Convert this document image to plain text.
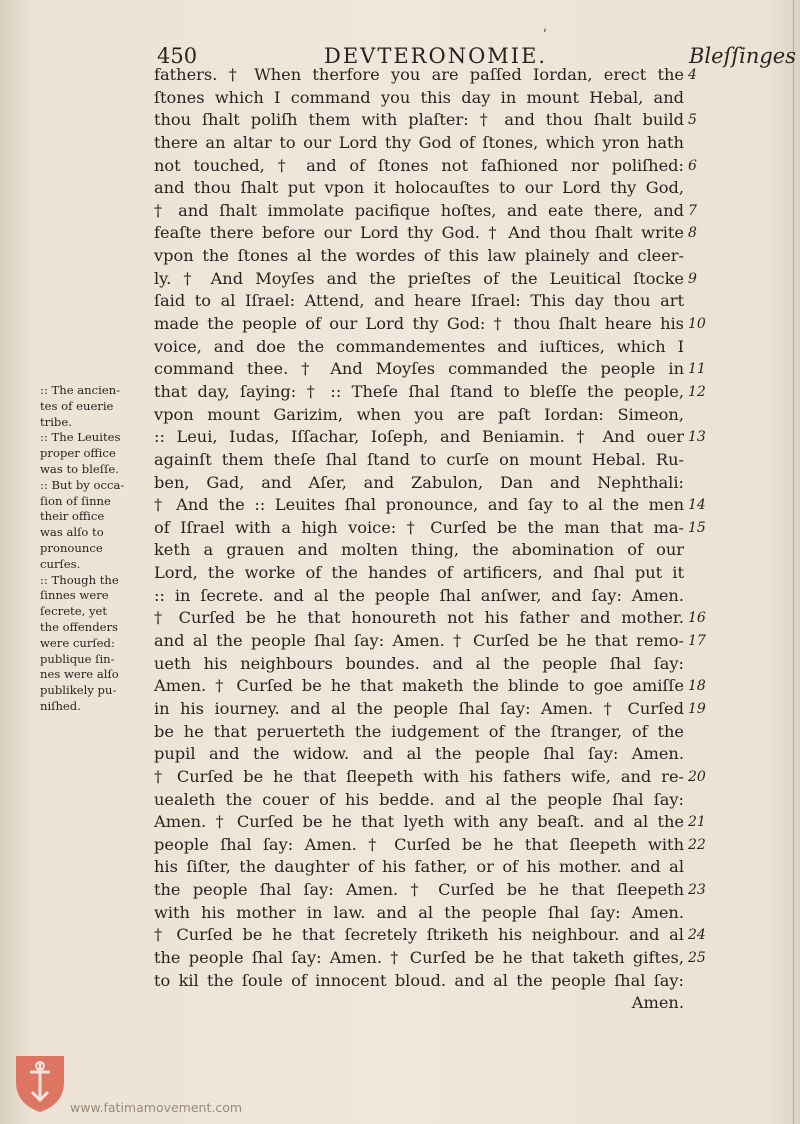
450	DEVTERONOMIE.	Bleſſinges
ʹ
:: The ancien-
tes of euerie
tribe.
:: The Leuites
proper office
was to bleſſe.
:: But by occa-
ſion of ſinne
their office
was alſo to
pronounce
curſes.
:: Though the
ſinnes were
ſecrete, yet
the offenders
were curſed:
publique ſin-
nes were alſo
publikely pu-
niſhed.
fathers. † When therfore you are paſſed Iordan, erect the
ſtones which I command you this day in mount Hebal, and
thou ſhalt poliſh them with plaſter: † and thou ſhalt build
there an altar to our Lord thy God of ſtones, which yron hath
not touched, † and of ſtones not faſhioned nor poliſhed:
and thou ſhalt put vpon it holocauſtes to our Lord thy God,
† and ſhalt immolate pacifique hoſtes, and eate there, and
feaſte there before our Lord thy God. † And thou ſhalt write
vpon the ſtones al the wordes of this law plainely and cleer-
ly. † And Moyſes and the prieſtes of the Leuitical ſtocke
ſaid to al Iſrael: Attend, and heare Iſrael: This day thou art
made the people of our Lord thy God: † thou ſhalt heare his
voice, and doe the commandementes and iuſtices, which I
command thee. † And Moyſes commanded the people in
that day, ſaying: † :: Theſe ſhal ſtand to bleſſe the people,
vpon mount Garizim, when you are paſt Iordan: Simeon,
:: Leui, Iudas, Iſſachar, Ioſeph, and Beniamin. † And ouer
againſt them theſe ſhal ſtand to curſe on mount Hebal. Ru-
ben, Gad, and Aſer, and Zabulon, Dan and Nephthali:
† And the :: Leuites ſhal pronounce, and ſay to al the men
of Iſrael with a high voice: † Curſed be the man that ma-
keth a grauen and molten thing, the abomination of our
Lord, the worke of the handes of artificers, and ſhal put it
:: in ſecrete. and al the people ſhal anſwer, and ſay: Amen.
† Curſed be he that honoureth not his father and mother.
and al the people ſhal ſay: Amen. † Curſed be he that remo-
ueth his neighbours boundes. and al the people ſhal ſay:
Amen. † Curſed be he that maketh the blinde to goe amiſſe
in his iourney. and al the people ſhal ſay: Amen. † Curſed
be he that peruerteth the iudgement of the ſtranger, of the
pupil and the widow. and al the people ſhal ſay: Amen.
† Curſed be he that ſleepeth with his fathers wife, and re-
uealeth the couer of his bedde. and al the people ſhal ſay:
Amen. † Curſed be he that lyeth with any beaſt. and al the
people ſhal ſay: Amen. † Curſed be he that ſleepeth with
his ſiſter, the daughter of his father, or of his mother. and al
the people ſhal ſay: Amen. † Curſed be he that ſleepeth
with his mother in law. and al the people ſhal ſay: Amen.
† Curſed be he that ſecretely ſtriketh his neighbour. and al
the people ſhal ſay: Amen. † Curſed be he that taketh giftes,
to kil the ſoule of innocent bloud. and al the people ſhal ſay:
Amen.
4
5
6
7
8
9
10
11
12
13
14
15
16
17
18
19
20
21
22
23
24
25
www.fatimamovement.com
